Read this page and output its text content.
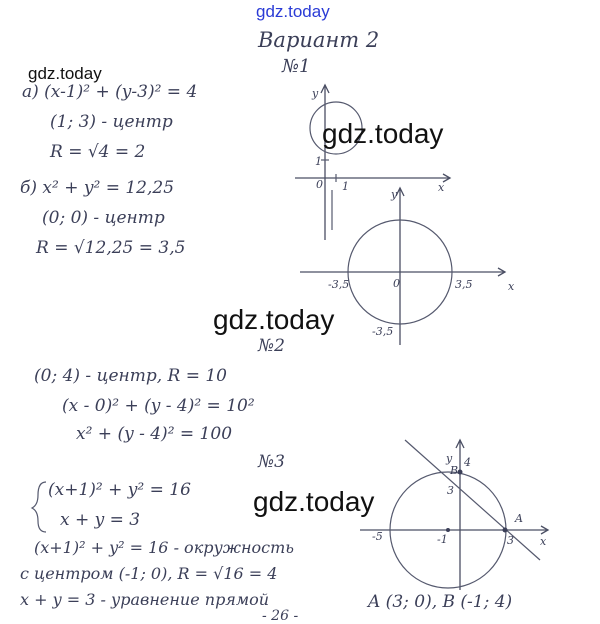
y
x
1
1
0
y
x
0
-3,5	3,5
-3,5
y
x
B
A
4
3
-5	-1	3
gdz.today
gdz.today
gdz.today
gdz.today
gdz.today
Вариант 2
№1
а) (x-1)² + (y-3)² = 4
(1; 3) - центр
R = √4 = 2
б) x² + y² = 12,25
(0; 0) - центр
R = √12,25 = 3,5
№2
(0; 4) - центр, R = 10
(x - 0)² + (y - 4)² = 10²
x² + (y - 4)² = 100
№3
(x+1)² + y² = 16
x + y = 3
(x+1)² + y² = 16 - окружность
с центром (-1; 0), R = √16 = 4
x + y = 3 - уравнение прямой
- 26 -
A (3; 0), B (-1; 4)
